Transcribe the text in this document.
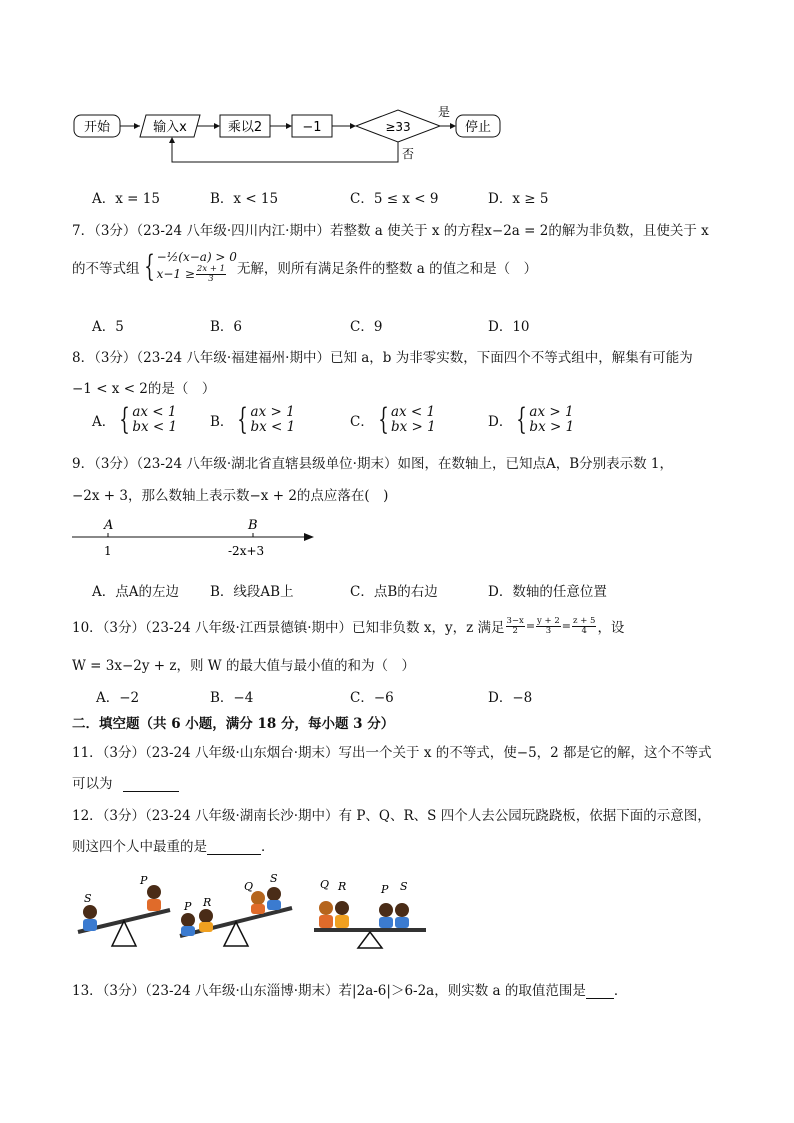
开始	输入x	乘以2	−1	≥33
是
停止
否
A．x = 15	B．x < 15	C．5 ≤ x < 9	D．x ≥ 5
7．（3分）（23-24 八年级·四川内江·期中）若整数 a 使关于 x 的方程x−2a = 2的解为非负数，且使关于 x
的不等式组 { −½(x−a) > 0
$x-1 \ge \frac{2x + 1}{3}$ 无解，则所有满足条件的整数 a 的值之和是（　）
A．5	B．6	C．9	D．10
8．（3分）（23-24 八年级·福建福州·期中）已知 a，b 为非零实数，下面四个不等式组中，解集有可能为
−1 < x < 2的是（　）
A． { ax < 1
bx < 1 B． { ax > 1
bx < 1	C． { ax < 1
bx > 1	D． { ax > 1
bx > 1
9．（3分）（23-24 八年级·湖北省直辖县级单位·期末）如图，在数轴上，已知点A，B分别表示数 1，
−2x + 3，那么数轴上表示数−x + 2的点应落在(　)
A	B
1	-2x+3
A．点A的左边 B．线段AB上	C．点B的右边	D．数轴的任意位置
10．（3分）（23-24 八年级·江西景德镇·期中）已知非负数 x，y，z 满足 $\frac{3-x}{2} = \frac{y + 2}{3} = \frac{z + 5}{4}$ ，设
W = 3x−2y + z，则 W 的最大值与最小值的和为（　）
A．−2	B．−4	C．−6	D．−8
二．填空题（共 6 小题，满分 18 分，每小题 3 分）
11．（3分）（23-24 八年级·山东烟台·期末）写出一个关于 x 的不等式，使−5，2 都是它的解，这个不等式
可以为
12．（3分）（23-24 八年级·湖南长沙·期中）有 P、Q、R、S 四个人去公园玩跷跷板，依据下面的示意图，
则这四个人中最重的是	．
S
P
P R
Q
S	Q R	P S
13．（3分）（23-24 八年级·山东淄博·期末）若|2a-6|＞6-2a，则实数 a 的取值范围是 ．
